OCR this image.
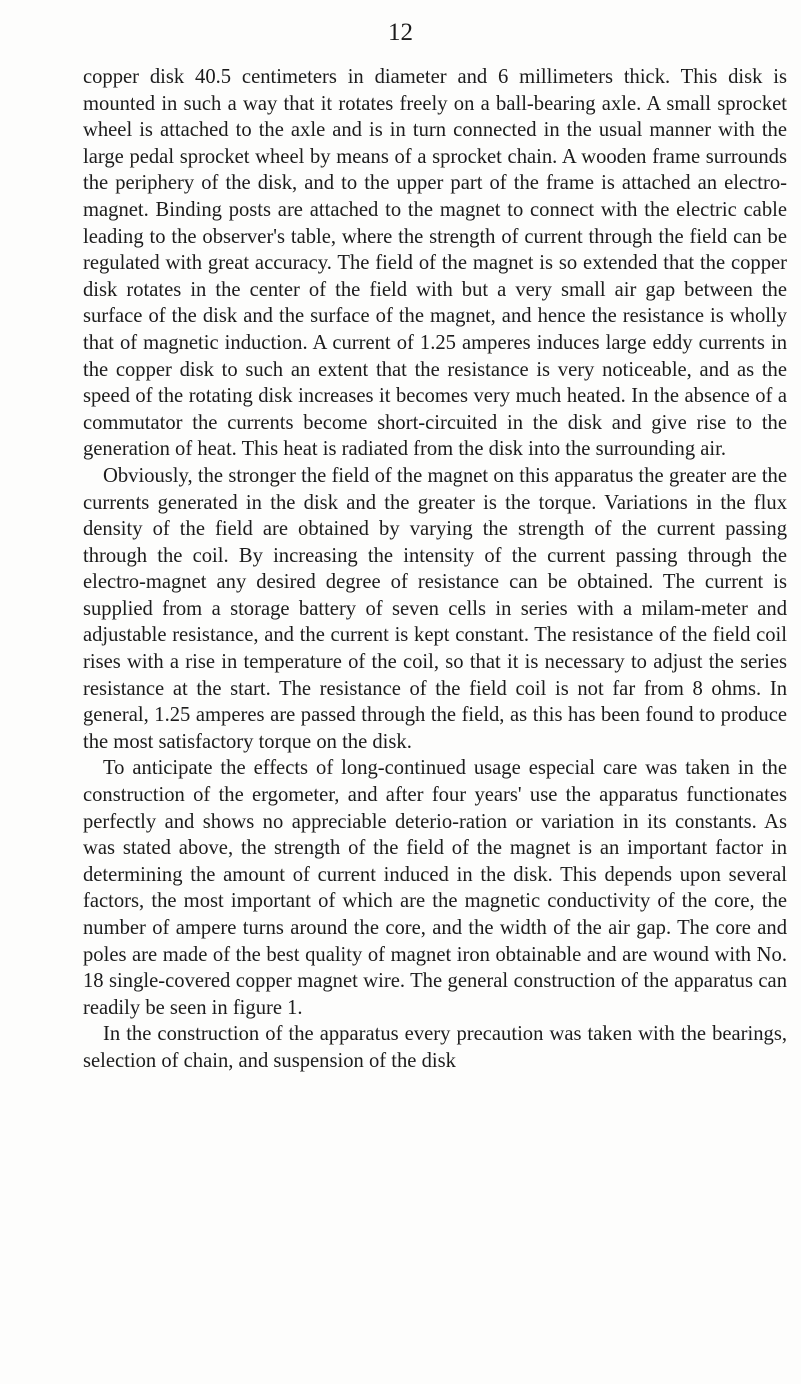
12

copper disk 40.5 centimeters in diameter and 6 millimeters thick. This disk is mounted in such a way that it rotates freely on a ball-bearing axle. A small sprocket wheel is attached to the axle and is in turn connected in the usual manner with the large pedal sprocket wheel by means of a sprocket chain. A wooden frame surrounds the periphery of the disk, and to the upper part of the frame is attached an electro-magnet. Binding posts are attached to the magnet to connect with the electric cable leading to the observer's table, where the strength of current through the field can be regulated with great accuracy. The field of the magnet is so extended that the copper disk rotates in the center of the field with but a very small air gap between the surface of the disk and the surface of the magnet, and hence the resistance is wholly that of magnetic induction. A current of 1.25 amperes induces large eddy currents in the copper disk to such an extent that the resistance is very noticeable, and as the speed of the rotating disk increases it becomes very much heated. In the absence of a commutator the currents become short-circuited in the disk and give rise to the generation of heat. This heat is radiated from the disk into the surrounding air.

Obviously, the stronger the field of the magnet on this apparatus the greater are the currents generated in the disk and the greater is the torque. Variations in the flux density of the field are obtained by varying the strength of the current passing through the coil. By increasing the intensity of the current passing through the electro-magnet any desired degree of resistance can be obtained. The current is supplied from a storage battery of seven cells in series with a milam-meter and adjustable resistance, and the current is kept constant. The resistance of the field coil rises with a rise in temperature of the coil, so that it is necessary to adjust the series resistance at the start. The resistance of the field coil is not far from 8 ohms. In general, 1.25 amperes are passed through the field, as this has been found to produce the most satisfactory torque on the disk.

To anticipate the effects of long-continued usage especial care was taken in the construction of the ergometer, and after four years' use the apparatus functionates perfectly and shows no appreciable deterio-ration or variation in its constants. As was stated above, the strength of the field of the magnet is an important factor in determining the amount of current induced in the disk. This depends upon several factors, the most important of which are the magnetic conductivity of the core, the number of ampere turns around the core, and the width of the air gap. The core and poles are made of the best quality of magnet iron obtainable and are wound with No. 18 single-covered copper magnet wire. The general construction of the apparatus can readily be seen in figure 1.

In the construction of the apparatus every precaution was taken with the bearings, selection of chain, and suspension of the disk
